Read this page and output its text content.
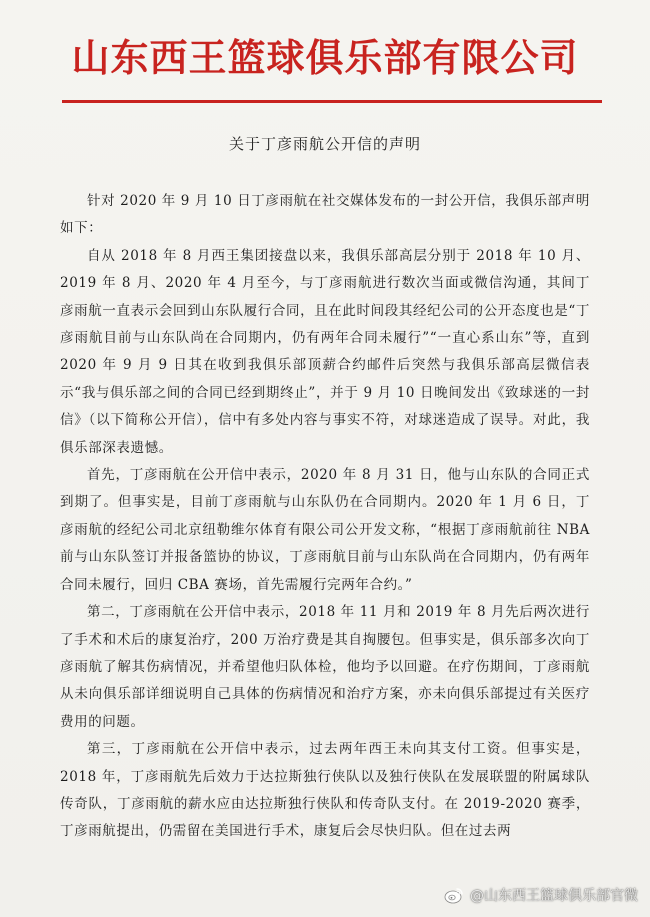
山东西王篮球俱乐部有限公司
关于丁彦雨航公开信的声明

针对 2020 年 9 月 10 日丁彦雨航在社交媒体发布的一封公开信，我俱乐部声明如下：

自从 2018 年 8 月西王集团接盘以来，我俱乐部高层分别于 2018 年 10 月、2019 年 8 月、2020 年 4 月至今，与丁彦雨航进行数次当面或微信沟通，其间丁彦雨航一直表示会回到山东队履行合同，且在此时间段其经纪公司的公开态度也是“丁彦雨航目前与山东队尚在合同期内，仍有两年合同未履行”“一直心系山东”等，直到 2020 年 9 月 9 日其在收到我俱乐部顶薪合约邮件后突然与我俱乐部高层微信表示“我与俱乐部之间的合同已经到期终止”，并于 9 月 10 日晚间发出《致球迷的一封信》（以下简称公开信），信中有多处内容与事实不符，对球迷造成了误导。对此，我俱乐部深表遗憾。

首先，丁彦雨航在公开信中表示，2020 年 8 月 31 日，他与山东队的合同正式到期了。但事实是，目前丁彦雨航与山东队仍在合同期内。2020 年 1 月 6 日，丁彦雨航的经纪公司北京纽勒维尔体育有限公司公开发文称，“根据丁彦雨航前往 NBA 前与山东队签订并报备篮协的协议，丁彦雨航目前与山东队尚在合同期内，仍有两年合同未履行，回归 CBA 赛场，首先需履行完两年合约。”

第二，丁彦雨航在公开信中表示，2018 年 11 月和 2019 年 8 月先后两次进行了手术和术后的康复治疗，200 万治疗费是其自掏腰包。但事实是，俱乐部多次向丁彦雨航了解其伤病情况，并希望他归队体检，他均予以回避。在疗伤期间，丁彦雨航从未向俱乐部详细说明自己具体的伤病情况和治疗方案，亦未向俱乐部提过有关医疗费用的问题。

第三，丁彦雨航在公开信中表示，过去两年西王未向其支付工资。但事实是，2018 年，丁彦雨航先后效力于达拉斯独行侠队以及独行侠队在发展联盟的附属球队传奇队，丁彦雨航的薪水应由达拉斯独行侠队和传奇队支付。在 2019-2020 赛季，丁彦雨航提出，仍需留在美国进行手术，康复后会尽快归队。但在过去两

@山东西王篮球俱乐部官微
